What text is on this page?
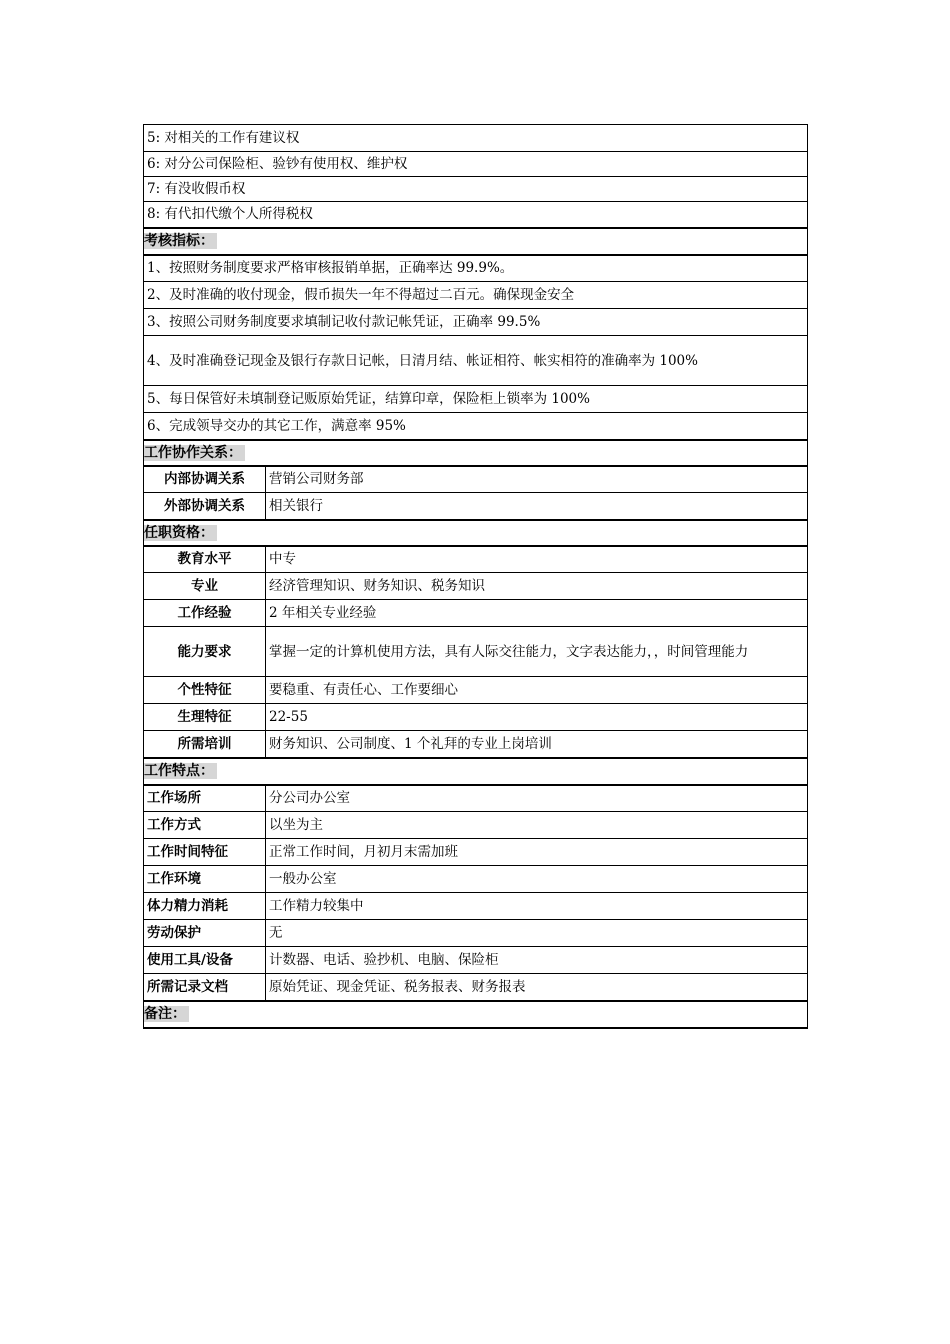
5: 对相关的工作有建议权	
6: 对分公司保险柜、验钞有使用权、维护权	
7: 有没收假币权	
8: 有代扣代缴个人所得税权	
考核指标：	
1、按照财务制度要求严格审核报销单据，正确率达 99.9%。	
2、及时准确的收付现金，假币损失一年不得超过二百元。确保现金安全	
3、按照公司财务制度要求填制记收付款记帐凭证，正确率 99.5%	
4、及时准确登记现金及银行存款日记帐，日清月结、帐证相符、帐实相符的准确率为 100%	
5、每日保管好未填制登记贩原始凭证，结算印章，保险柜上锁率为 100%	
6、完成领导交办的其它工作，满意率 95%	
工作协作关系：	
内部协调关系	营销公司财务部
外部协调关系	相关银行
任职资格：	
教育水平	中专
专业	经济管理知识、财务知识、税务知识
工作经验	2 年相关专业经验
能力要求	掌握一定的计算机使用方法，具有人际交往能力，文字表达能力，，时间管理能力
个性特征	要稳重、有责任心、工作要细心
生理特征	22-55
所需培训	财务知识、公司制度、1 个礼拜的专业上岗培训
工作特点：	
工作场所	分公司办公室
工作方式	以坐为主
工作时间特征	正常工作时间，月初月末需加班
工作环境	一般办公室
体力精力消耗	工作精力较集中
劳动保护	无
使用工具/设备	计数器、电话、验抄机、电脑、保险柜
所需记录文档	原始凭证、现金凭证、税务报表、财务报表
备注：	
